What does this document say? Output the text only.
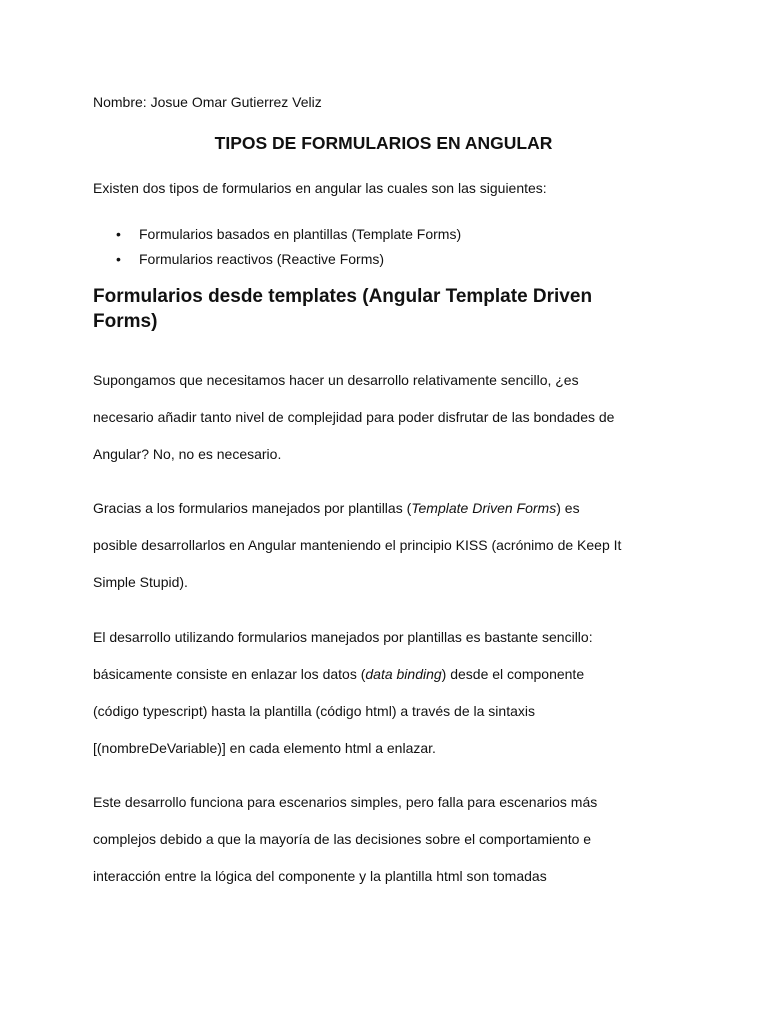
Nombre: Josue Omar Gutierrez Veliz
TIPOS DE FORMULARIOS EN ANGULAR
Existen dos tipos de formularios en angular las cuales son las siguientes:
• Formularios basados en plantillas (Template Forms)
• Formularios reactivos (Reactive Forms)
Formularios desde templates (Angular Template Driven Forms)

Supongamos que necesitamos hacer un desarrollo relativamente sencillo, ¿es
necesario añadir tanto nivel de complejidad para poder disfrutar de las bondades de
Angular? No, no es necesario.

Gracias a los formularios manejados por plantillas (Template Driven Forms) es
posible desarrollarlos en Angular manteniendo el principio KISS (acrónimo de Keep It
Simple Stupid).

El desarrollo utilizando formularios manejados por plantillas es bastante sencillo:
básicamente consiste en enlazar los datos (data binding) desde el componente
(código typescript) hasta la plantilla (código html) a través de la sintaxis
[(nombreDeVariable)] en cada elemento html a enlazar.

Este desarrollo funciona para escenarios simples, pero falla para escenarios más
complejos debido a que la mayoría de las decisiones sobre el comportamiento e
interacción entre la lógica del componente y la plantilla html son tomadas
